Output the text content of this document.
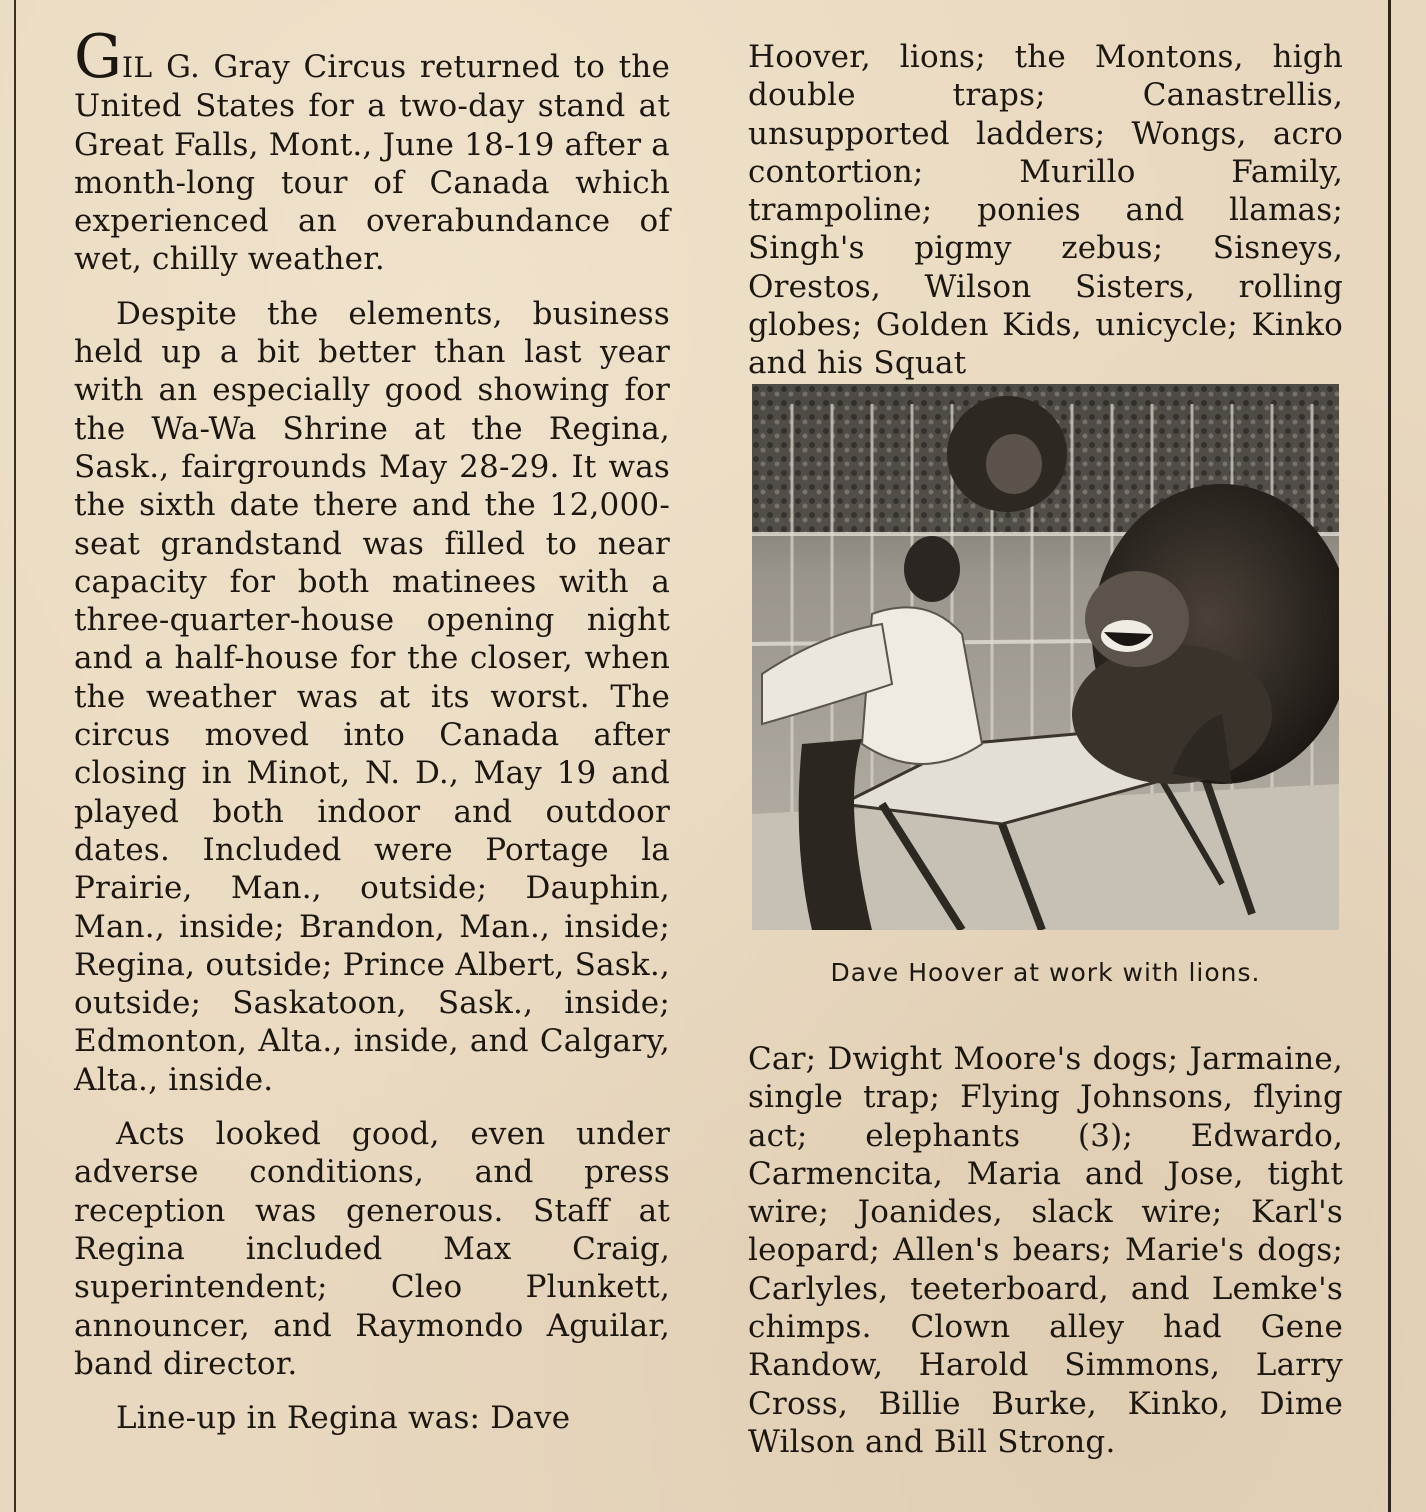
GIL G. Gray Circus returned to the United States for a two-day stand at Great Falls, Mont., June 18-19 after a month-long tour of Canada which experienced an overabundance of wet, chilly weather.

Despite the elements, business held up a bit better than last year with an especially good showing for the Wa-Wa Shrine at the Regina, Sask., fairgrounds May 28-29. It was the sixth date there and the 12,000-seat grandstand was filled to near capacity for both matinees with a three-quarter-house opening night and a half-house for the closer, when the weather was at its worst. The circus moved into Canada after closing in Minot, N. D., May 19 and played both indoor and outdoor dates. Included were Portage la Prairie, Man., outside; Dauphin, Man., inside; Brandon, Man., inside; Regina, outside; Prince Albert, Sask., outside; Saskatoon, Sask., inside; Edmonton, Alta., inside, and Calgary, Alta., inside.

Acts looked good, even under adverse conditions, and press reception was generous. Staff at Regina included Max Craig, superintendent; Cleo Plunkett, announcer, and Raymondo Aguilar, band director.

Line-up in Regina was: Dave

Hoover, lions; the Montons, high double traps; Canastrellis, unsupported ladders; Wongs, acro contortion; Murillo Family, trampoline; ponies and llamas; Singh's pigmy zebus; Sisneys, Orestos, Wilson Sisters, rolling globes; Golden Kids, unicycle; Kinko and his Squat

Dave Hoover at work with lions.

Car; Dwight Moore's dogs; Jarmaine, single trap; Flying Johnsons, flying act; elephants (3); Edwardo, Carmencita, Maria and Jose, tight wire; Joanides, slack wire; Karl's leopard; Allen's bears; Marie's dogs; Carlyles, teeterboard, and Lemke's chimps. Clown alley had Gene Randow, Harold Simmons, Larry Cross, Billie Burke, Kinko, Dime Wilson and Bill Strong.
